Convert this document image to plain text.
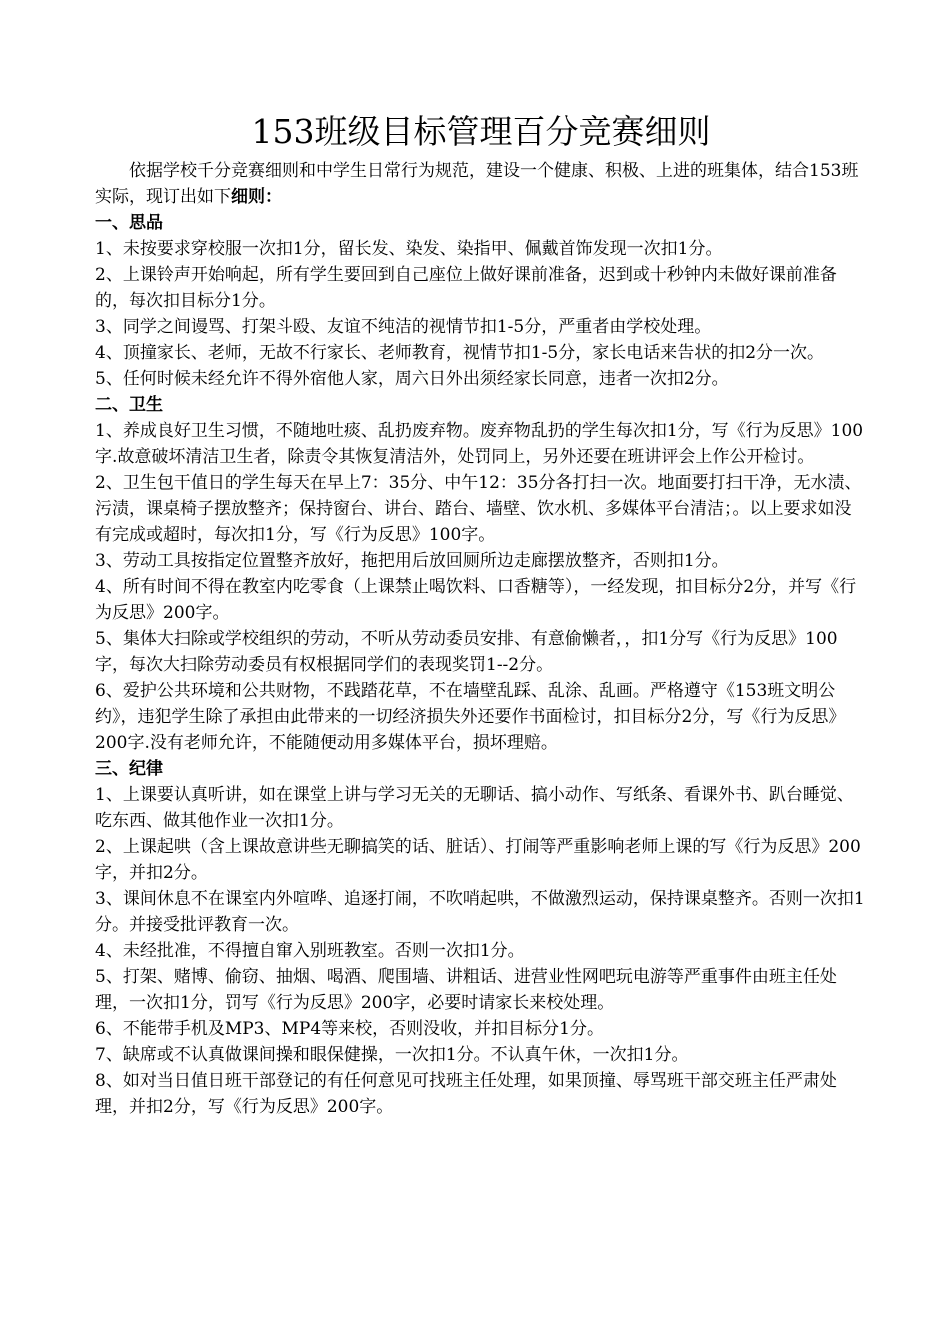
153班级目标管理百分竞赛细则

依据学校千分竞赛细则和中学生日常行为规范，建设一个健康、积极、上进的班集体，结合153班实际，现订出如下细则：

一、思品

1、未按要求穿校服一次扣1分，留长发、染发、染指甲、佩戴首饰发现一次扣1分。

2、上课铃声开始响起，所有学生要回到自己座位上做好课前准备，迟到或十秒钟内未做好课前准备的，每次扣目标分1分。

3、同学之间谩骂、打架斗殴、友谊不纯洁的视情节扣1-5分，严重者由学校处理。

4、顶撞家长、老师，无故不行家长、老师教育，视情节扣1-5分，家长电话来告状的扣2分一次。

5、任何时候未经允许不得外宿他人家，周六日外出须经家长同意，违者一次扣2分。

二、卫生

1、养成良好卫生习惯，不随地吐痰、乱扔废弃物。废弃物乱扔的学生每次扣1分，写《行为反思》100字.故意破坏清洁卫生者，除责令其恢复清洁外，处罚同上，另外还要在班讲评会上作公开检讨。

2、卫生包干值日的学生每天在早上7：35分、中午12：35分各打扫一次。地面要打扫干净，无水渍、污渍，课桌椅子摆放整齐；保持窗台、讲台、踏台、墙壁、饮水机、多媒体平台清洁；。以上要求如没有完成或超时，每次扣1分，写《行为反思》100字。

3、劳动工具按指定位置整齐放好，拖把用后放回厕所边走廊摆放整齐，否则扣1分。

4、所有时间不得在教室内吃零食（上课禁止喝饮料、口香糖等），一经发现，扣目标分2分，并写《行为反思》200字。

5、集体大扫除或学校组织的劳动，不听从劳动委员安排、有意偷懒者，，扣1分写《行为反思》100字，每次大扫除劳动委员有权根据同学们的表现奖罚1--2分。

6、爱护公共环境和公共财物，不践踏花草，不在墙壁乱踩、乱涂、乱画。严格遵守《153班文明公约》，违犯学生除了承担由此带来的一切经济损失外还要作书面检讨，扣目标分2分，写《行为反思》200字.没有老师允许，不能随便动用多媒体平台，损坏理赔。

三、纪律

1、上课要认真听讲，如在课堂上讲与学习无关的无聊话、搞小动作、写纸条、看课外书、趴台睡觉、吃东西、做其他作业一次扣1分。

2、上课起哄（含上课故意讲些无聊搞笑的话、脏话）、打闹等严重影响老师上课的写《行为反思》200字，并扣2分。

3、课间休息不在课室内外喧哗、追逐打闹，不吹哨起哄，不做激烈运动，保持课桌整齐。否则一次扣1分。并接受批评教育一次。

4、未经批准，不得擅自窜入别班教室。否则一次扣1分。

5、打架、赌博、偷窃、抽烟、喝酒、爬围墙、讲粗话、进营业性网吧玩电游等严重事件由班主任处理，一次扣1分，罚写《行为反思》200字，必要时请家长来校处理。

6、不能带手机及MP3、MP4等来校，否则没收，并扣目标分1分。

7、缺席或不认真做课间操和眼保健操，一次扣1分。不认真午休，一次扣1分。

8、如对当日值日班干部登记的有任何意见可找班主任处理，如果顶撞、辱骂班干部交班主任严肃处理，并扣2分，写《行为反思》200字。
